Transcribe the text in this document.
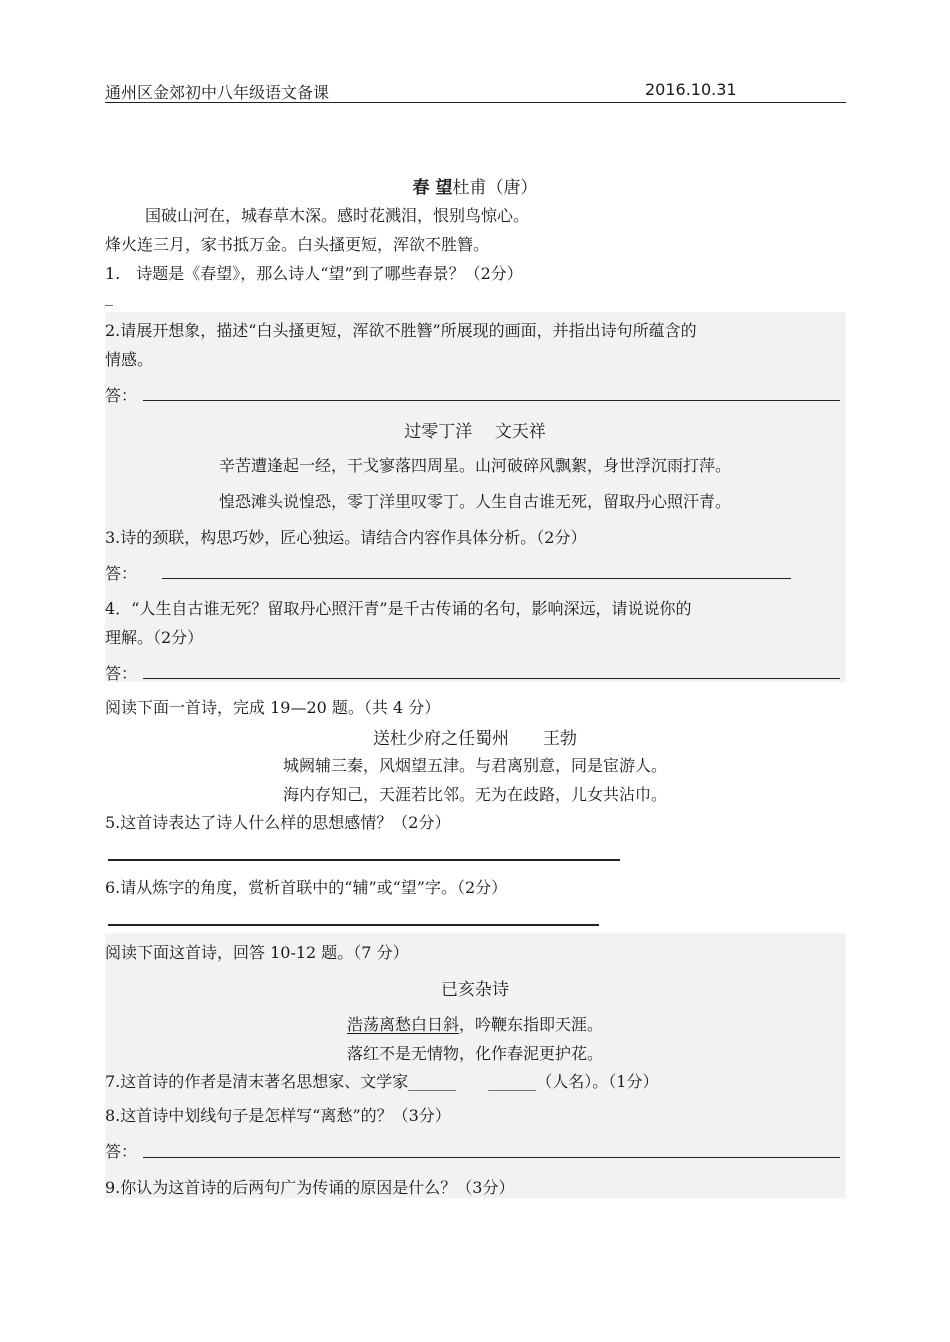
通州区金郊初中八年级语文备课	2016.10.31
春 望杜甫（唐）
国破山河在，城春草木深。感时花溅泪，恨别鸟惊心。
烽火连三月，家书抵万金。白头搔更短，浑欲不胜簪。
1.　诗题是《春望》，那么诗人“望”到了哪些春景？（2分）
_
2.请展开想象，描述“白头搔更短，浑欲不胜簪”所展现的画面，并指出诗句所蕴含的
情感。
答：
过零丁洋　 文天祥
辛苦遭逢起一经，干戈寥落四周星。山河破碎风飘絮，身世浮沉雨打萍。
惶恐滩头说惶恐，零丁洋里叹零丁。人生自古谁无死，留取丹心照汗青。
3.诗的颈联，构思巧妙，匠心独运。请结合内容作具体分析。（2分）
答：
4．“人生自古谁无死？留取丹心照汗青”是千古传诵的名句，影响深远，请说说你的
理解。（2分）
答：
阅读下面一首诗，完成 19—20 题。（共 4 分）
送杜少府之任蜀州　　王勃
城阙辅三秦，风烟望五津。与君离别意，同是宦游人。
海内存知己，天涯若比邻。无为在歧路，儿女共沾巾。
5.这首诗表达了诗人什么样的思想感情？（2分）
6.请从炼字的角度，赏析首联中的“辅”或“望”字。（2分）
阅读下面这首诗，回答 10-12 题。（7 分）
已亥杂诗
浩荡离愁白日斜，吟鞭东指即天涯。
落红不是无情物，化作春泥更护花。
7.这首诗的作者是清末著名思想家、文学家______　　______（人名）。（1分）
8.这首诗中划线句子是怎样写“离愁”的？（3分）
答：
9.你认为这首诗的后两句广为传诵的原因是什么？（3分）
